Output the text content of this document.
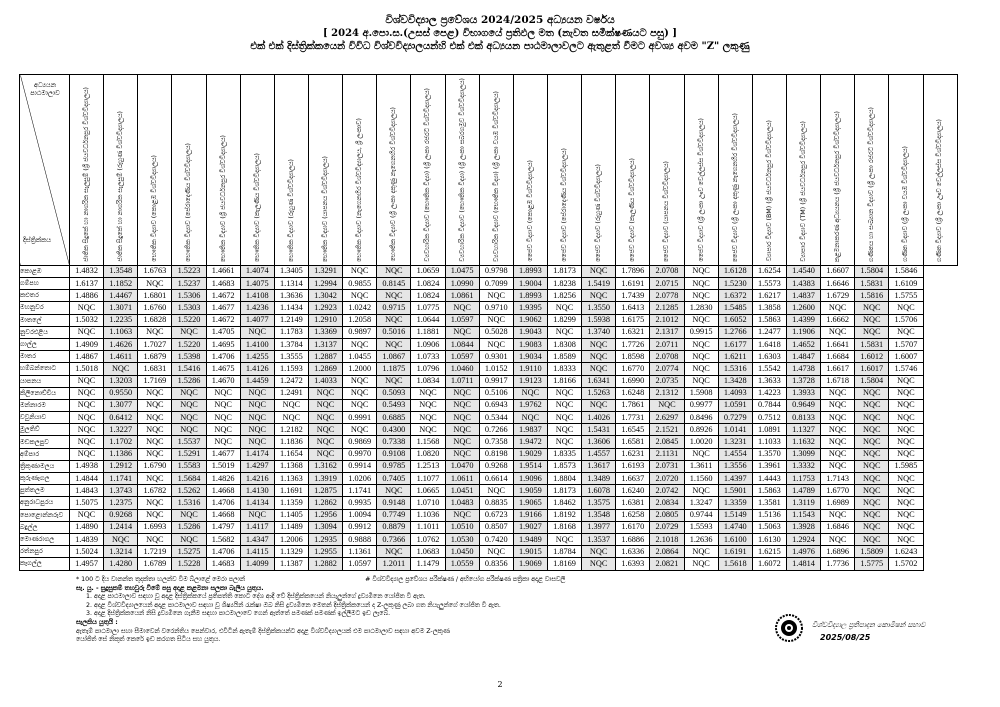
විශ්වවිද්‍යාල ප්‍රවේශය 2024/2025 අධ්‍යයන වර්ෂය
[ 2024 අ.පො.ස.(උසස් පෙළ) විභාගයේ ප්‍රතිඵල මත (නැවත සමීක්ෂණයට පසු) ]
එක් එක් දිස්ත්‍රික්කයෙන් විවිධ විශ්වවිද්‍යාලයන්හි එක් එක් අධ්‍යයන පාඨමාලාවලට ඇතුළත් වීමට අවශ්‍ය අවම "Z" ලකුණු
අධ්‍යයන පාඨමාලාව
දිස්ත්‍රික්කය	ජාතික සිදුකේ හා නාගරික සැලසුම් (ශ්‍රී ජයවර්ධනපුර විශ්වවිද්‍යාලය)	ජාතික සිදුකේ හා නාගරික සැලසුම් (රුහුණ විශ්වවිද්‍යාලය)	භෞතික විද්‍යාව (කොළඹ විශ්වවිද්‍යාලය)	භෞතික විද්‍යාව (පේරාදෙණිය විශ්වවිද්‍යාලය)	භෞතික විද්‍යාව (ශ්‍රී ජයවර්ධනපුර විශ්වවිද්‍යාලය)	භෞතික විද්‍යාව (කැලණිය විශ්වවිද්‍යාලය)	භෞතික විද්‍යාව (රුහුණ විශ්වවිද්‍යාලය)	භෞතික විද්‍යාව (යාපනය විශ්වවිද්‍යාලය)	භෞතික විද්‍යාව (නැගෙනහිර විශ්වවිද්‍යාලය, ශ්‍රී ලංකාව)	භෞතික විද්‍යාව (ශ්‍රී ලංකා දකුණු නැගෙනහිර විශ්වවිද්‍යාලය)	ව්‍යවහාරික විද්‍යාව (භෞතික විද්‍යා) (ශ්‍රී ලංකා රජරට විශ්වවිද්‍යාලය)	ව්‍යවහාරික විද්‍යාව (භෞතික විද්‍යා) (ශ්‍රී ලංකා සබරගමුව විශ්වවිද්‍යාලය)	ව්‍යවහාරික විද්‍යාව (භෞතික විද්‍යා) (ශ්‍රී ලංකා වයඹ විශ්වවිද්‍යාලය)	ජෛව විද්‍යාව (කොළඹ විශ්වවිද්‍යාලය)	ජෛව විද්‍යාව (පේරාදෙණිය විශ්වවිද්‍යාලය)	ජෛව විද්‍යාව (රුහුණ විශ්වවිද්‍යාලය)	ජෛව විද්‍යාව (කැලණිය විශ්වවිද්‍යාලය)	ජෛව විද්‍යාව (යාපනය විශ්වවිද්‍යාලය)	ජෛව විද්‍යාව (ශ්‍රී ලංකා ඌව වෙල්ලස්ස විශ්වවිද්‍යාලය)	ජෛව විද්‍යාව (ශ්‍රී ලංකා දකුණු නැගෙනහිර විශ්වවිද්‍යාලය)	ව්‍යාපාර විද්‍යාව (BM) (ශ්‍රී ජයවර්ධනපුර විශ්වවිද්‍යාලය)	ව්‍යාපාර විද්‍යාව (TM) (ශ්‍රී ජයවර්ධනපුර විශ්වවිද්‍යාලය)	කළමනාකරණ අධ්‍යයනය (ශ්‍රී ජයවර්ධනපුර විශ්වවිද්‍යාලය)	ගණිතය හා සංඛ්‍යාන විද්‍යාව (ශ්‍රී ලංකා රජරට විශ්වවිද්‍යාලය)	ගණිත විද්‍යාව (ශ්‍රී ලංකා වයඹ විශ්වවිද්‍යාලය)	ගණිත විද්‍යාව (ශ්‍රී ලංකා ඌව වෙල්ලස්ස විශ්වවිද්‍යාලය)

කොළඹ	1.4832	1.3548	1.6763	1.5223	1.4661	1.4074	1.3405	1.3291	NQC	NQC	1.0659	1.0475	0.9798	1.8993	1.8173	NQC	1.7896	2.0708	NQC	1.6128	1.6254	1.4540	1.6607	1.5804	1.5846	
ගම්පහ	1.6137	1.1852	NQC	1.5237	1.4683	1.4075	1.1314	1.2994	0.9855	0.8145	1.0824	1.0990	0.7099	1.9004	1.8238	1.5419	1.6191	2.0715	NQC	1.5230	1.5573	1.4383	1.6646	1.5831	1.6109	
කළුතර	1.4886	1.4467	1.6801	1.5306	1.4672	1.4108	1.3636	1.3042	NQC	NQC	1.0824	1.0861	NQC	1.8993	1.8256	NQC	1.7439	2.0778	NQC	1.6372	1.6217	1.4837	1.6729	1.5816	1.5755	
මහනුවර	NQC	1.3071	1.6760	1.5303	1.4677	1.4236	1.1434	1.2923	1.0242	0.9715	1.0775	NQC	0.9710	1.9395	NQC	1.3550	1.6413	2.1285	1.2830	1.5485	1.3858	1.2600	NQC	NQC	NQC	
මාතලේ	1.5032	1.2235	1.6828	1.5220	1.4672	1.4077	1.2149	1.2910	1.2058	NQC	1.0644	1.0597	NQC	1.9062	1.8299	1.5938	1.6175	2.1012	NQC	1.6052	1.5863	1.4399	1.6662	NQC	1.5706	
නුවරඑළිය	NQC	1.1063	NQC	NQC	1.4705	NQC	1.1783	1.3369	0.9897	0.5016	1.1881	NQC	0.5028	1.9043	NQC	1.3740	1.6321	2.1317	0.9915	1.2766	1.2477	1.1906	NQC	NQC	NQC	
ගාල්ල	1.4909	1.4626	1.7027	1.5220	1.4695	1.4100	1.3784	1.3137	NQC	NQC	1.0906	1.0844	NQC	1.9083	1.8308	NQC	1.7726	2.0711	NQC	1.6177	1.6418	1.4652	1.6641	1.5831	1.5707	
මාතර	1.4867	1.4611	1.6879	1.5398	1.4706	1.4255	1.3555	1.2887	1.0455	1.0867	1.0733	1.0597	0.9301	1.9034	1.8589	NQC	1.8598	2.0708	NQC	1.6211	1.6303	1.4847	1.6684	1.6012	1.6007	
හම්බන්තොට	1.5018	NQC	1.6831	1.5416	1.4675	1.4126	1.1593	1.2869	1.2000	1.1875	1.0796	1.0460	1.0152	1.9110	1.8333	NQC	1.6770	2.0774	NQC	1.5316	1.5542	1.4738	1.6617	1.6017	1.5746	
යාපනය	NQC	1.3203	1.7169	1.5286	1.4670	1.4459	1.2472	1.4033	NQC	NQC	1.0834	1.0711	0.9917	1.9123	1.8166	1.6341	1.6990	2.0735	NQC	1.3428	1.3633	1.3728	1.6718	1.5804	NQC	
කිලිනොච්චිය	NQC	0.9550	NQC	NQC	NQC	NQC	1.2491	NQC	NQC	0.5093	NQC	NQC	0.5106	NQC	NQC	1.5263	1.6248	2.1312	1.5908	1.4093	1.4223	1.3933	NQC	NQC	NQC	
මන්නාරම	NQC	1.3077	NQC	NQC	NQC	NQC	NQC	NQC	NQC	0.5493	NQC	NQC	0.6943	1.9762	NQC	NQC	1.7861	NQC	0.9977	1.0591	0.7844	0.9649	NQC	NQC	NQC	
වවුනියාව	NQC	0.6412	NQC	NQC	NQC	NQC	NQC	NQC	0.9991	0.6885	NQC	NQC	0.5344	NQC	NQC	1.4026	1.7731	2.6297	0.8496	0.7279	0.7512	0.8133	NQC	NQC	NQC	
මුලතිව්	NQC	1.3227	NQC	NQC	NQC	NQC	1.2182	NQC	NQC	0.4300	NQC	NQC	0.7266	1.9837	NQC	1.5431	1.6545	2.1521	0.8926	1.0141	1.0891	1.1327	NQC	NQC	NQC	
මඩකලපුව	NQC	1.1702	NQC	1.5537	NQC	NQC	1.1836	NQC	0.9869	0.7338	1.1568	NQC	0.7358	1.9472	NQC	1.3606	1.6581	2.0845	1.0020	1.3231	1.1033	1.1632	NQC	NQC	NQC	
අම්පාර	NQC	1.1386	NQC	1.5291	1.4677	1.4174	1.1654	NQC	0.9970	0.9108	1.0820	NQC	0.8198	1.9029	1.8335	1.4557	1.6231	2.1131	NQC	1.4554	1.3570	1.3099	NQC	NQC	NQC	
ත්‍රිකුණාමලය	1.4938	1.2912	1.6790	1.5583	1.5019	1.4297	1.1368	1.3162	0.9914	0.9785	1.2513	1.0470	0.9268	1.9514	1.8573	1.3617	1.6193	2.0731	1.3611	1.3556	1.3961	1.3332	NQC	NQC	1.5985	
කුරුණෑගල	1.4844	1.1741	NQC	1.5684	1.4826	1.4216	1.1363	1.3919	1.0206	0.7405	1.1077	1.0611	0.6614	1.9096	1.8804	1.3489	1.6637	2.0720	1.1560	1.4397	1.4443	1.1753	1.7143	NQC	NQC	
පුත්තලම	1.4843	1.3743	1.6782	1.5262	1.4668	1.4130	1.1691	1.2875	1.1741	NQC	1.0665	1.0451	NQC	1.9059	1.8173	1.6078	1.6240	2.0742	NQC	1.5901	1.5863	1.4789	1.6770	NQC	NQC	
අනුරාධපුරය	1.5075	1.2375	NQC	1.5316	1.4706	1.4134	1.1359	1.2862	0.9935	0.9148	1.0710	1.0483	0.8835	1.9065	1.8462	1.3575	1.6381	2.0834	1.3247	1.3359	1.3581	1.3119	1.6989	NQC	NQC	
පොළොන්නරුව	NQC	0.9268	NQC	NQC	1.4668	NQC	1.1405	1.2956	1.0094	0.7749	1.1036	NQC	0.6723	1.9166	1.8192	1.3548	1.6258	2.0805	0.9744	1.5149	1.5136	1.1543	NQC	NQC	NQC	
බදුල්ල	1.4890	1.2414	1.6993	1.5286	1.4797	1.4117	1.1489	1.3094	0.9912	0.8879	1.1011	1.0510	0.8507	1.9027	1.8168	1.3977	1.6170	2.0729	1.5593	1.4740	1.5063	1.3928	1.6846	NQC	NQC	
මොණරාගල	1.4839	NQC	NQC	NQC	1.5682	1.4347	1.2006	1.2935	0.9888	0.7366	1.0762	1.0530	0.7420	1.9489	NQC	1.3537	1.6886	2.1018	1.2636	1.6100	1.6130	1.2924	NQC	NQC	NQC	
රත්නපුර	1.5024	1.3214	1.7219	1.5275	1.4706	1.4115	1.1329	1.2955	1.1361	NQC	1.0683	1.0450	NQC	1.9015	1.8784	NQC	1.6336	2.0864	NQC	1.6191	1.6215	1.4976	1.6896	1.5809	1.6243	
කෑගල්ල	1.4957	1.4280	1.6789	1.5228	1.4683	1.4099	1.1387	1.2882	1.0597	1.2011	1.1479	1.0559	0.8356	1.9069	1.8169	NQC	1.6393	2.0821	NQC	1.5618	1.6072	1.4814	1.7736	1.5775	1.5702	
* 100 ට දිය වානන්ත තුදක්තා හලන්ව වීම බ්ලාළේ මෙරා පලාන්	# විශ්වවිද්‍යාල ප්‍රවේශය පරීක්ෂණ / අභියෝග පරීක්ෂණ පත්‍රිකා අදාළ වාසවලි
සැ. යු. - සුදුසුකම් තහවුරු වීමේ පසු අදාළ කළමනා සලකා බැලිය යුතුය.
1. අදාළ පාඨමාලාව සඳහා වූ අදාළ දිස්ත්‍රික්කයේ ප්‍රතිපත්ති කොට දේශ ආදී වේ දිස්ත්‍රික්කයෙන් නියැලුන්ගේ ද්‍රව්‍යමිනෙ යෝජිත වී ඇත.
2. අදාළ විශ්වවිද්‍යාලයෙන් අදාළ පාඨමාලාව සඳහා වූ ශිෂ්‍යයින් රැක්ෂා ඔබ නිසි ද්‍රව්‍යමිනෙ මෙතන් දිස්ත්‍රික්කයෙන් ද Z-ලකුණු ලබා ගත නියැලුන්ගේ යෝජිත වී ඇත.
3. අදාළ දිස්ත්‍රික්කයෙන් නිසි ද්‍රව්‍යමිනෙ ගැනීම සඳහා පාඨමාලාවෙ ගෙන් ඇත්තේ පමණක් පමණක් ඉල්ලීමට ඉඩ ලැබේ.
සැලකිය යුතුයි :
ඇතැම් පාඨමාලා සහා සීමාවෙන් වරෙන්තිය පෙන්වාර, එවිටින් ඇතැම් දිස්ත්‍රික්කයන්ට අදාළ විශ්වවිද්‍යාලයක් එම පාඨමාලාව සඳහා අවම Z-ලකුණ
යෝජිත් සේ නිකුත් කෙරේ ඉඩ කරගත සිටිය සහ යුතුය.
විශ්වවිද්‍යාල ප්‍රතිපාදන කොමිෂන් සභාව
2025/08/25
2
